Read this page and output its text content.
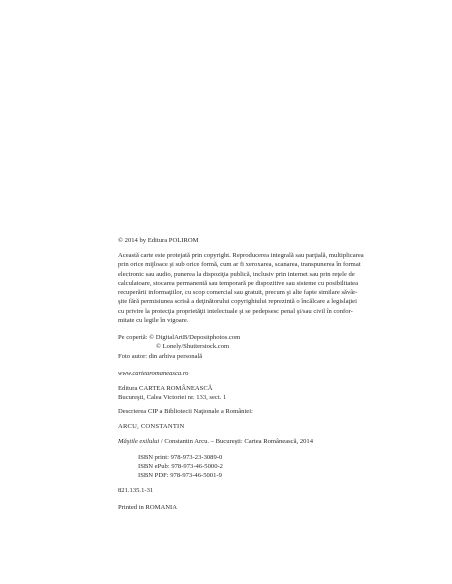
© 2014 by Editura POLIROM
Această carte este protejată prin copyright. Reproducerea integrală sau parţială, multiplicarea
prin orice mijloace şi sub orice formă, cum ar fi xeroxarea, scanarea, transpunerea în format
electronic sau audio, punerea la dispoziţia publică, inclusiv prin internet sau prin reţele de
calculatoare, stocarea permanentă sau temporară pe dispozitive sau sisteme cu posibilitatea
recuperării informaţiilor, cu scop comercial sau gratuit, precum şi alte fapte similare săvâr-
şite fără permisiunea scrisă a deţinătorului copyrightului reprezintă o încălcare a legislaţiei
cu privire la protecţia proprietăţii intelectuale şi se pedepsesc penal şi/sau civil în confor-
mitate cu legile în vigoare.
Pe copertă: © DigitalArtB/Depositphotos.com
© Lonely/Shutterstock.com
Foto autor: din arhiva personală
www.cartearomaneasca.ro
Editura CARTEA ROMÂNEASCĂ
Bucureşti, Calea Victoriei nr. 133, sect. 1
Descrierea CIP a Bibliotecii Naţionale a României:
ARCU, CONSTANTIN
Măştile exilului / Constantin Arcu. – Bucureşti: Cartea Românească, 2014
ISBN print: 978-973-23-3089-0
ISBN ePub: 978-973-46-5000-2
ISBN PDF: 978-973-46-5001-9
821.135.1-31
Printed in ROMANIA
